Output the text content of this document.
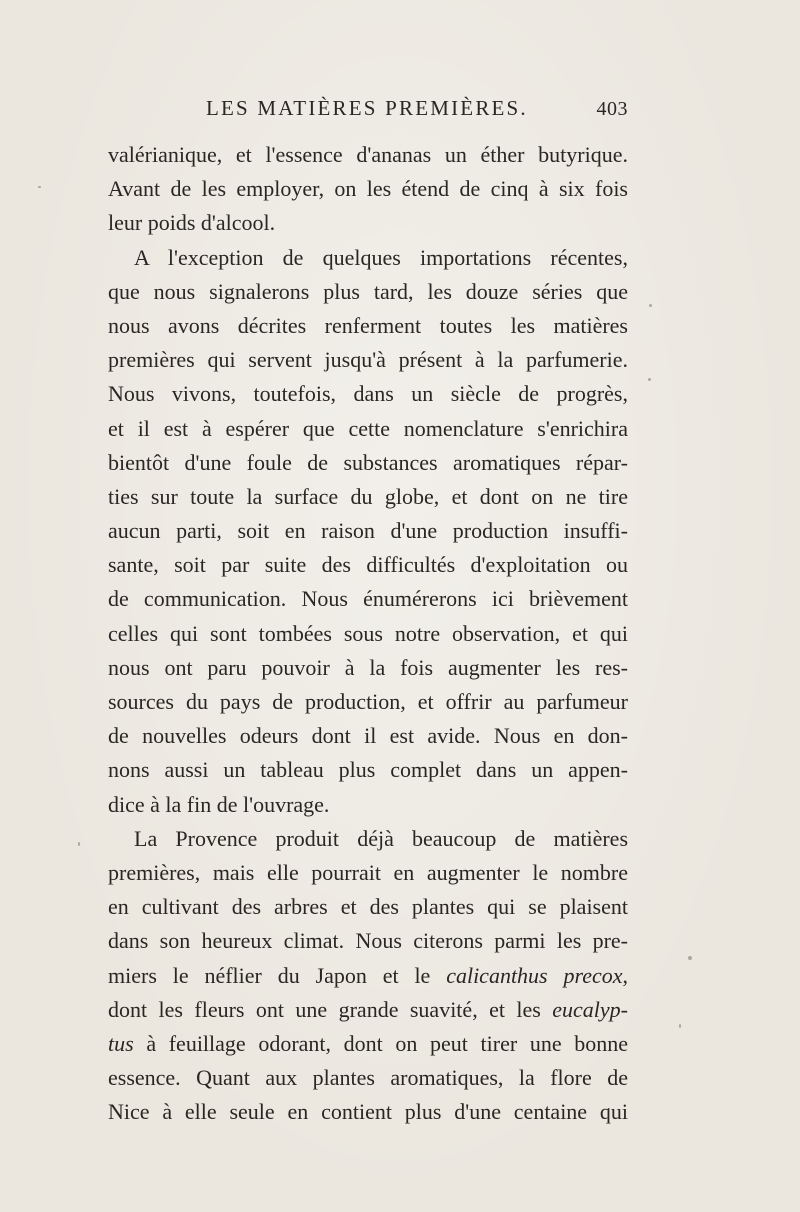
LES MATIÈRES PREMIÈRES.	403
valérianique, et l'essence d'ananas un éther butyrique.
Avant de les employer, on les étend de cinq à six fois
leur poids d'alcool.
A l'exception de quelques importations récentes,
que nous signalerons plus tard, les douze séries que
nous avons décrites renferment toutes les matières
premières qui servent jusqu'à présent à la parfumerie.
Nous vivons, toutefois, dans un siècle de progrès,
et il est à espérer que cette nomenclature s'enrichira
bientôt d'une foule de substances aromatiques répar-
ties sur toute la surface du globe, et dont on ne tire
aucun parti, soit en raison d'une production insuffi-
sante, soit par suite des difficultés d'exploitation ou
de communication. Nous énumérerons ici brièvement
celles qui sont tombées sous notre observation, et qui
nous ont paru pouvoir à la fois augmenter les res-
sources du pays de production, et offrir au parfumeur
de nouvelles odeurs dont il est avide. Nous en don-
nons aussi un tableau plus complet dans un appen-
dice à la fin de l'ouvrage.
La Provence produit déjà beaucoup de matières
premières, mais elle pourrait en augmenter le nombre
en cultivant des arbres et des plantes qui se plaisent
dans son heureux climat. Nous citerons parmi les pre-
miers le néflier du Japon et le calicanthus precox,
dont les fleurs ont une grande suavité, et les eucalyp-
tus à feuillage odorant, dont on peut tirer une bonne
essence. Quant aux plantes aromatiques, la flore de
Nice à elle seule en contient plus d'une centaine qui
